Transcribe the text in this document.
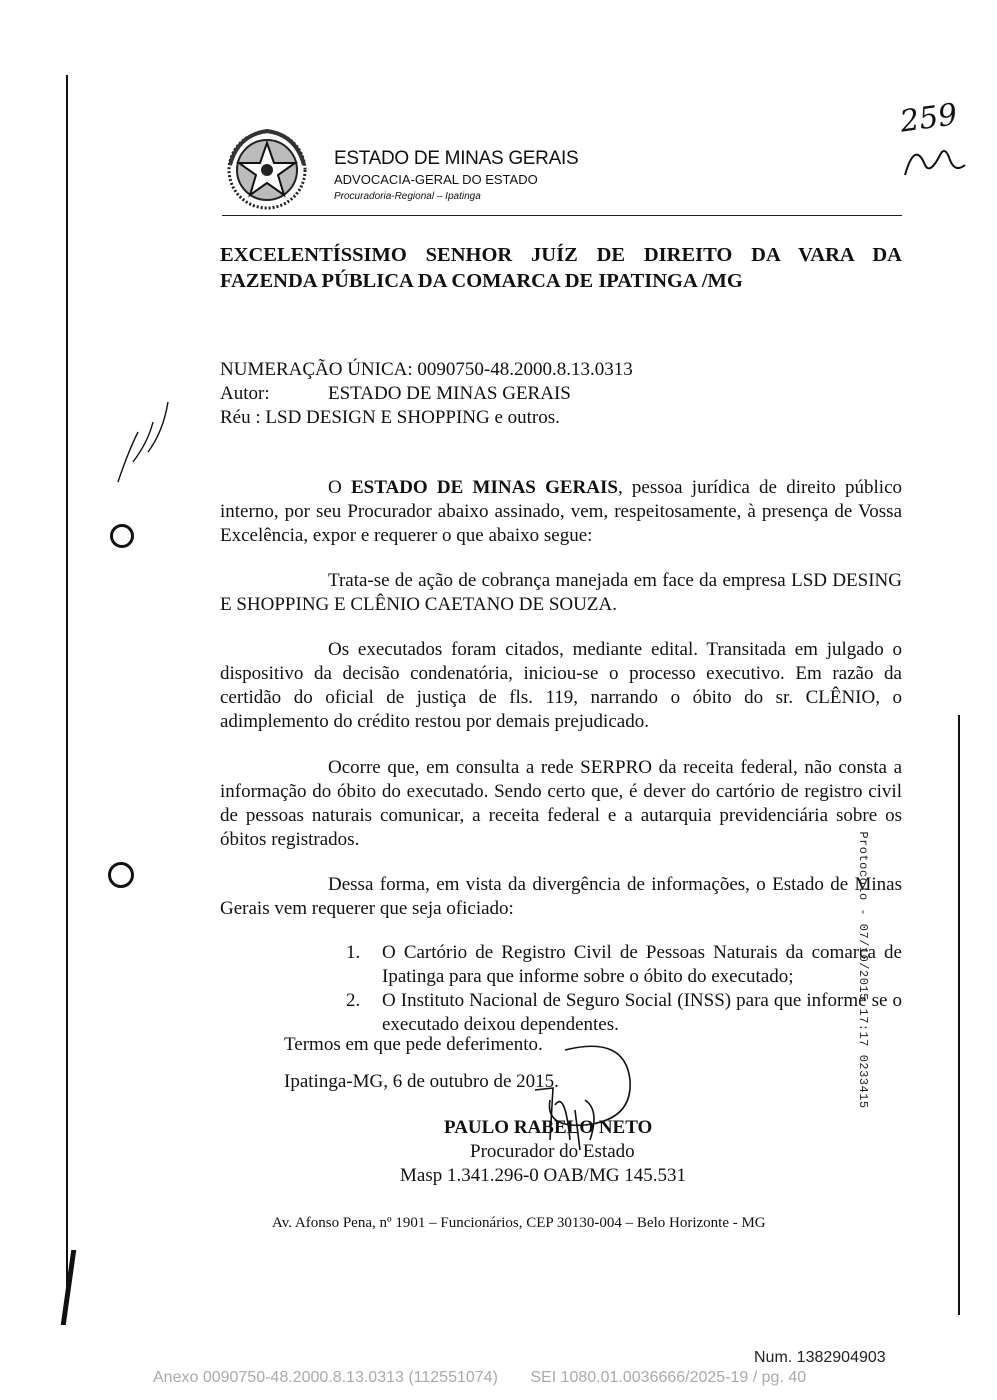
ESTADO DE MINAS GERAIS
ADVOCACIA-GERAL DO ESTADO
Procuradoria-Regional – Ipatinga
259
EXCELENTÍSSIMO SENHOR JUÍZ DE DIREITO DA VARA DA
FAZENDA PÚBLICA DA COMARCA DE IPATINGA /MG
NUMERAÇÃO ÚNICA: 0090750-48.2000.8.13.0313
Autor:	ESTADO DE MINAS GERAIS
Réu : LSD DESIGN E SHOPPING e outros.
O ESTADO DE MINAS GERAIS, pessoa jurídica de direito público interno, por seu Procurador abaixo assinado, vem, respeitosamente, à presença de Vossa Excelência, expor e requerer o que abaixo segue:
Trata-se de ação de cobrança manejada em face da empresa LSD DESING E SHOPPING E CLÊNIO CAETANO DE SOUZA.
Os executados foram citados, mediante edital. Transitada em julgado o dispositivo da decisão condenatória, iniciou-se o processo executivo. Em razão da certidão do oficial de justiça de fls. 119, narrando o óbito do sr. CLÊNIO, o adimplemento do crédito restou por demais prejudicado.
Ocorre que, em consulta a rede SERPRO da receita federal, não consta a informação do óbito do executado. Sendo certo que, é dever do cartório de registro civil de pessoas naturais comunicar, a receita federal e a autarquia previdenciária sobre os óbitos registrados.
Dessa forma, em vista da divergência de informações, o Estado de Minas Gerais vem requerer que seja oficiado:
1.	O Cartório de Registro Civil de Pessoas Naturais da comarca de Ipatinga para que informe sobre o óbito do executado;
2.	O Instituto Nacional de Seguro Social (INSS) para que informe se o executado deixou dependentes.
Termos em que pede deferimento.
Ipatinga-MG, 6 de outubro de 2015.
PAULO RABELO NETO
Procurador do Estado
Masp 1.341.296-0 OAB/MG 145.531
Av. Afonso Pena, nº 1901 – Funcionários, CEP 30130-004 – Belo Horizonte - MG
Protocolo - 07/10/2015 17:17 0233415
Num. 1382904903
Anexo 0090750-48.2000.8.13.0313 (112551074) SEI 1080.01.0036666/2025-19 / pg. 40
